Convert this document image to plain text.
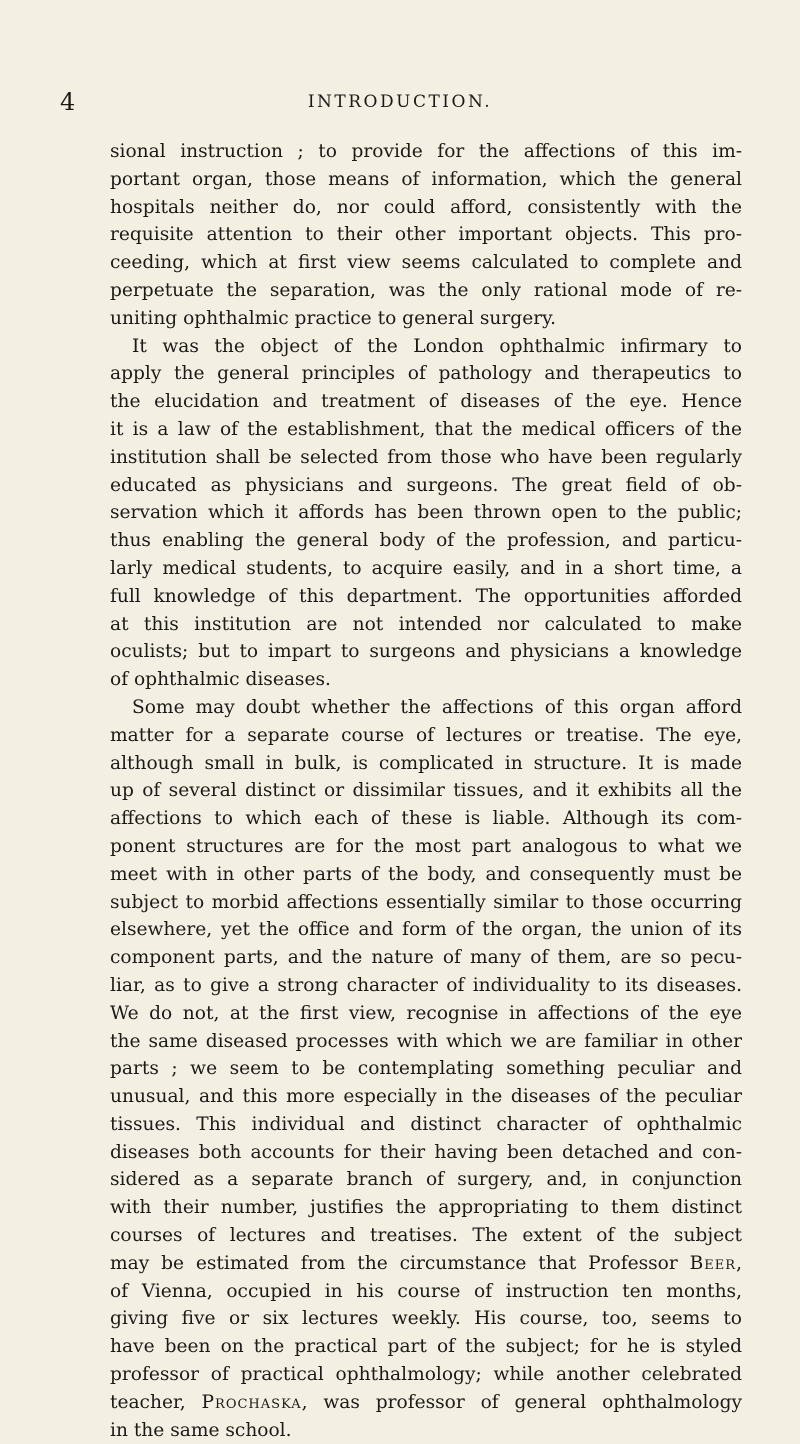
4	INTRODUCTION.
sional instruction ; to provide for the affections of this im-
portant organ, those means of information, which the general
hospitals neither do, nor could afford, consistently with the
requisite attention to their other important objects. This pro-
ceeding, which at first view seems calculated to complete and
perpetuate the separation, was the only rational mode of re-
uniting ophthalmic practice to general surgery.
It was the object of the London ophthalmic infirmary to
apply the general principles of pathology and therapeutics to
the elucidation and treatment of diseases of the eye. Hence
it is a law of the establishment, that the medical officers of the
institution shall be selected from those who have been regularly
educated as physicians and surgeons. The great field of ob-
servation which it affords has been thrown open to the public;
thus enabling the general body of the profession, and particu-
larly medical students, to acquire easily, and in a short time, a
full knowledge of this department. The opportunities afforded
at this institution are not intended nor calculated to make
oculists; but to impart to surgeons and physicians a knowledge
of ophthalmic diseases.
Some may doubt whether the affections of this organ afford
matter for a separate course of lectures or treatise. The eye,
although small in bulk, is complicated in structure. It is made
up of several distinct or dissimilar tissues, and it exhibits all the
affections to which each of these is liable. Although its com-
ponent structures are for the most part analogous to what we
meet with in other parts of the body, and consequently must be
subject to morbid affections essentially similar to those occurring
elsewhere, yet the office and form of the organ, the union of its
component parts, and the nature of many of them, are so pecu-
liar, as to give a strong character of individuality to its diseases.
We do not, at the first view, recognise in affections of the eye
the same diseased processes with which we are familiar in other
parts ; we seem to be contemplating something peculiar and
unusual, and this more especially in the diseases of the peculiar
tissues. This individual and distinct character of ophthalmic
diseases both accounts for their having been detached and con-
sidered as a separate branch of surgery, and, in conjunction
with their number, justifies the appropriating to them distinct
courses of lectures and treatises. The extent of the subject
may be estimated from the circumstance that Professor Beer,
of Vienna, occupied in his course of instruction ten months,
giving five or six lectures weekly. His course, too, seems to
have been on the practical part of the subject; for he is styled
professor of practical ophthalmology; while another celebrated
teacher, Prochaska, was professor of general ophthalmology
in the same school.
